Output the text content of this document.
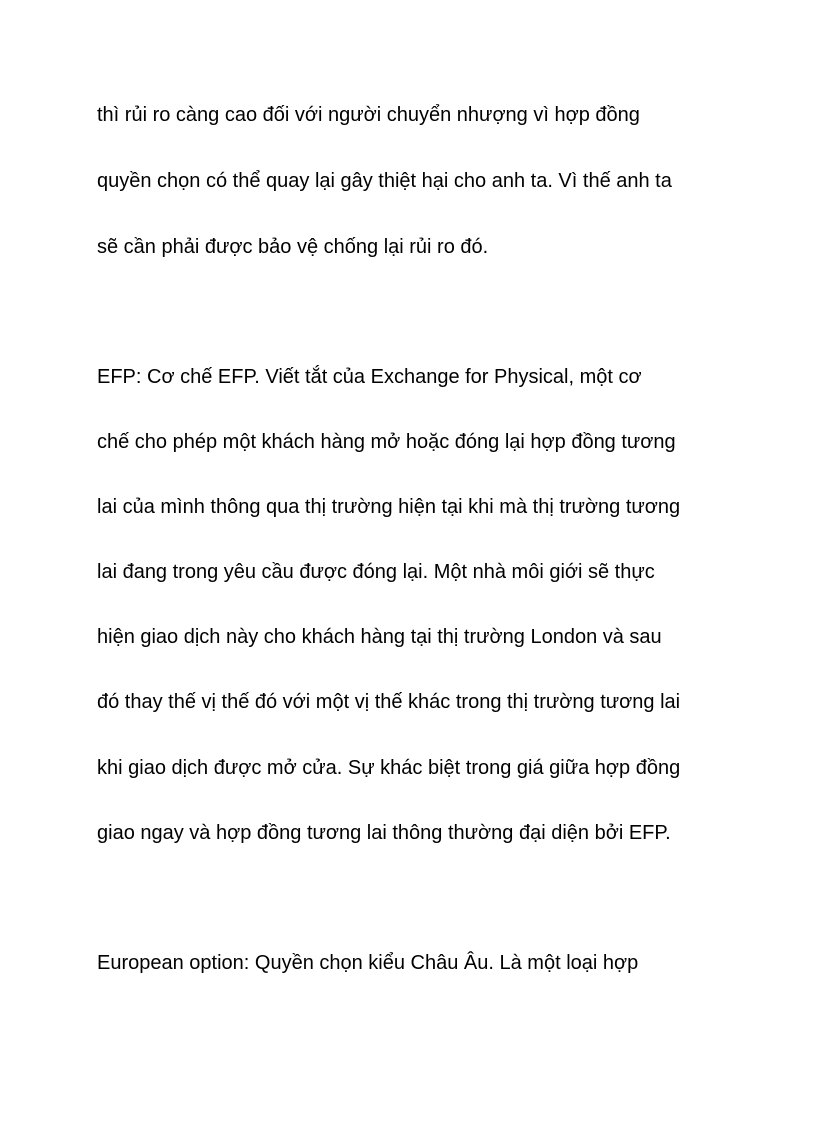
thì rủi ro càng cao đối với người chuyển nhượng vì hợp đồng

quyền chọn có thể quay lại gây thiệt hại cho anh ta. Vì thế anh ta

sẽ cần phải được bảo vệ chống lại rủi ro đó.

EFP: Cơ chế EFP. Viết tắt của Exchange for Physical, một cơ

chế cho phép một khách hàng mở hoặc đóng lại hợp đồng tương

lai của mình thông qua thị trường hiện tại khi mà thị trường tương

lai đang trong yêu cầu được đóng lại. Một nhà môi giới sẽ thực

hiện giao dịch này cho khách hàng tại thị trường London và sau

đó thay thế vị thế đó với một vị thế khác trong thị trường tương lai

khi giao dịch được mở cửa. Sự khác biệt trong giá giữa hợp đồng

giao ngay và hợp đồng tương lai thông thường đại diện bởi EFP.

European option: Quyền chọn kiểu Châu Âu. Là một loại hợp
